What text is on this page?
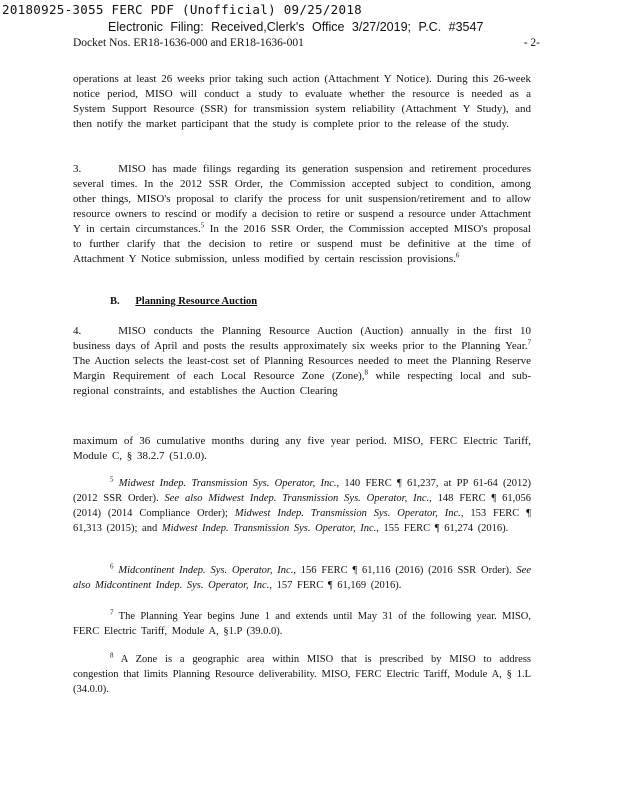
20180925-3055 FERC PDF (Unofficial) 09/25/2018
Electronic Filing: Received,Clerk's Office 3/27/2019; P.C. #3547
Docket Nos. ER18-1636-000 and ER18-1636-001	- 2-
operations at least 26 weeks prior taking such action (Attachment Y Notice). During this 26-week notice period, MISO will conduct a study to evaluate whether the resource is needed as a System Support Resource (SSR) for transmission system reliability (Attachment Y Study), and then notify the market participant that the study is complete prior to the release of the study.
3.	MISO has made filings regarding its generation suspension and retirement procedures several times. In the 2012 SSR Order, the Commission accepted subject to condition, among other things, MISO's proposal to clarify the process for unit suspension/retirement and to allow resource owners to rescind or modify a decision to retire or suspend a resource under Attachment Y in certain circumstances.$^5$ In the 2016 SSR Order, the Commission accepted MISO's proposal to further clarify that the decision to retire or suspend must be definitive at the time of Attachment Y Notice submission, unless modified by certain rescission provisions.$^6$
B. Planning Resource Auction
4.	MISO conducts the Planning Resource Auction (Auction) annually in the first 10 business days of April and posts the results approximately six weeks prior to the Planning Year.$^7$ The Auction selects the least-cost set of Planning Resources needed to meet the Planning Reserve Margin Requirement of each Local Resource Zone (Zone),$^8$ while respecting local and sub-regional constraints, and establishes the Auction Clearing
maximum of 36 cumulative months during any five year period. MISO, FERC Electric Tariff, Module C, § 38.2.7 (51.0.0).
$^5$ Midwest Indep. Transmission Sys. Operator, Inc., 140 FERC ¶ 61,237, at PP 61-64 (2012) (2012 SSR Order). See also Midwest Indep. Transmission Sys. Operator, Inc., 148 FERC ¶ 61,056 (2014) (2014 Compliance Order); Midwest Indep. Transmission Sys. Operator, Inc., 153 FERC ¶ 61,313 (2015); and Midwest Indep. Transmission Sys. Operator, Inc., 155 FERC ¶ 61,274 (2016).
$^6$ Midcontinent Indep. Sys. Operator, Inc., 156 FERC ¶ 61,116 (2016) (2016 SSR Order). See also Midcontinent Indep. Sys. Operator, Inc., 157 FERC ¶ 61,169 (2016).
$^7$ The Planning Year begins June 1 and extends until May 31 of the following year. MISO, FERC Electric Tariff, Module A, §1.P (39.0.0).
$^8$ A Zone is a geographic area within MISO that is prescribed by MISO to address congestion that limits Planning Resource deliverability. MISO, FERC Electric Tariff, Module A, § 1.L (34.0.0).
